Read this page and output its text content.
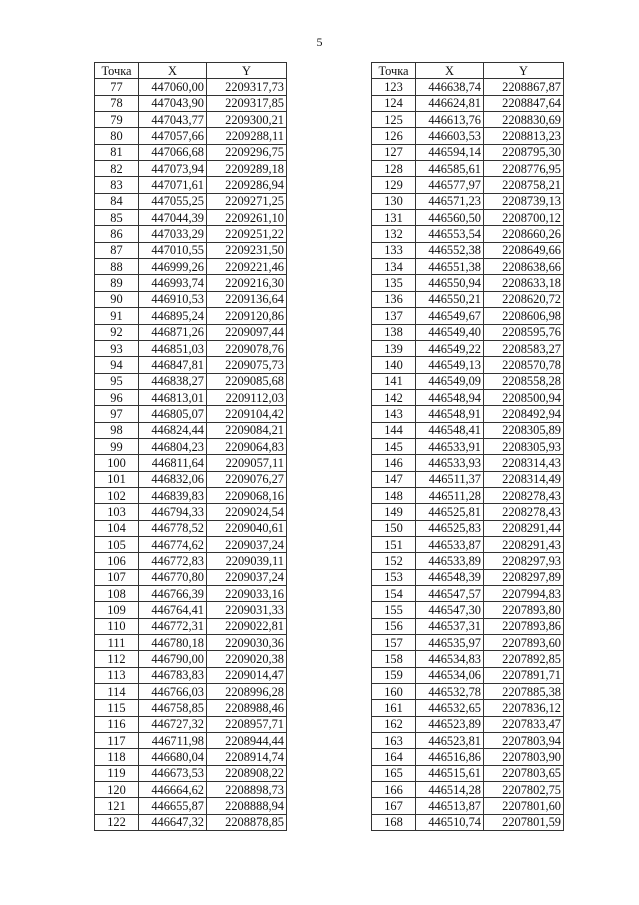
5
Точка	X	Y
77	447060,00	2209317,73
78	447043,90	2209317,85
79	447043,77	2209300,21
80	447057,66	2209288,11
81	447066,68	2209296,75
82	447073,94	2209289,18
83	447071,61	2209286,94
84	447055,25	2209271,25
85	447044,39	2209261,10
86	447033,29	2209251,22
87	447010,55	2209231,50
88	446999,26	2209221,46
89	446993,74	2209216,30
90	446910,53	2209136,64
91	446895,24	2209120,86
92	446871,26	2209097,44
93	446851,03	2209078,76
94	446847,81	2209075,73
95	446838,27	2209085,68
96	446813,01	2209112,03
97	446805,07	2209104,42
98	446824,44	2209084,21
99	446804,23	2209064,83
100	446811,64	2209057,11
101	446832,06	2209076,27
102	446839,83	2209068,16
103	446794,33	2209024,54
104	446778,52	2209040,61
105	446774,62	2209037,24
106	446772,83	2209039,11
107	446770,80	2209037,24
108	446766,39	2209033,16
109	446764,41	2209031,33
110	446772,31	2209022,81
111	446780,18	2209030,36
112	446790,00	2209020,38
113	446783,83	2209014,47
114	446766,03	2208996,28
115	446758,85	2208988,46
116	446727,32	2208957,71
117	446711,98	2208944,44
118	446680,04	2208914,74
119	446673,53	2208908,22
120	446664,62	2208898,73
121	446655,87	2208888,94
122	446647,32	2208878,85
Точка	X	Y
123	446638,74	2208867,87
124	446624,81	2208847,64
125	446613,76	2208830,69
126	446603,53	2208813,23
127	446594,14	2208795,30
128	446585,61	2208776,95
129	446577,97	2208758,21
130	446571,23	2208739,13
131	446560,50	2208700,12
132	446553,54	2208660,26
133	446552,38	2208649,66
134	446551,38	2208638,66
135	446550,94	2208633,18
136	446550,21	2208620,72
137	446549,67	2208606,98
138	446549,40	2208595,76
139	446549,22	2208583,27
140	446549,13	2208570,78
141	446549,09	2208558,28
142	446548,94	2208500,94
143	446548,91	2208492,94
144	446548,41	2208305,89
145	446533,91	2208305,93
146	446533,93	2208314,43
147	446511,37	2208314,49
148	446511,28	2208278,43
149	446525,81	2208278,43
150	446525,83	2208291,44
151	446533,87	2208291,43
152	446533,89	2208297,93
153	446548,39	2208297,89
154	446547,57	2207994,83
155	446547,30	2207893,80
156	446537,31	2207893,86
157	446535,97	2207893,60
158	446534,83	2207892,85
159	446534,06	2207891,71
160	446532,78	2207885,38
161	446532,65	2207836,12
162	446523,89	2207833,47
163	446523,81	2207803,94
164	446516,86	2207803,90
165	446515,61	2207803,65
166	446514,28	2207802,75
167	446513,87	2207801,60
168	446510,74	2207801,59
